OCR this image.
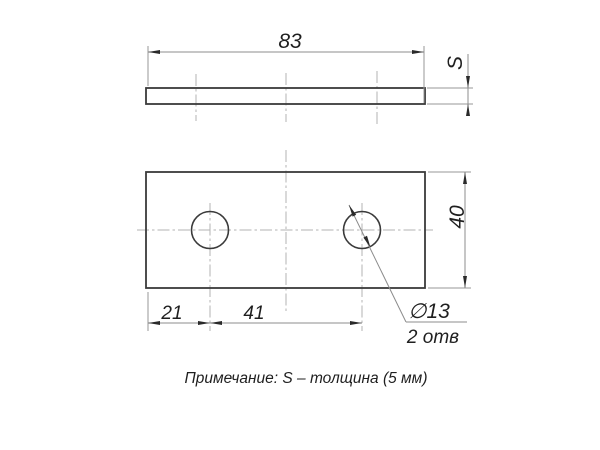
83
S
40
21	41	∅13
2 отв
Примечание: S – толщина (5 мм)
